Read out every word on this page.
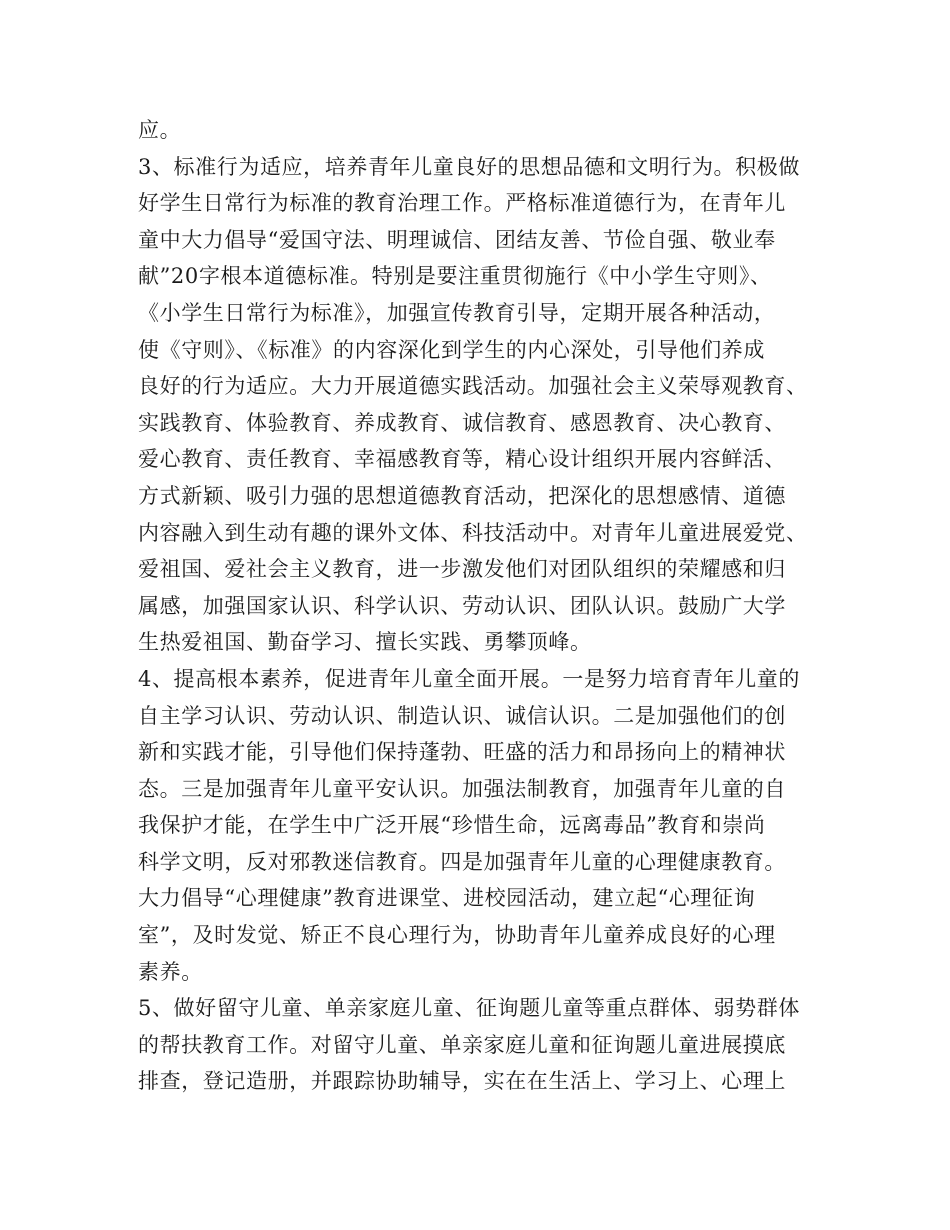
应。
3、标准行为适应，培养青年儿童良好的思想品德和文明行为。积极做
好学生日常行为标准的教育治理工作。严格标准道德行为，在青年儿
童中大力倡导“爱国守法、明理诚信、团结友善、节俭自强、敬业奉
献”20字根本道德标准。特别是要注重贯彻施行《中小学生守则》、
《小学生日常行为标准》，加强宣传教育引导，定期开展各种活动，
使《守则》、《标准》的内容深化到学生的内心深处，引导他们养成
良好的行为适应。大力开展道德实践活动。加强社会主义荣辱观教育、
实践教育、体验教育、养成教育、诚信教育、感恩教育、决心教育、
爱心教育、责任教育、幸福感教育等，精心设计组织开展内容鲜活、
方式新颖、吸引力强的思想道德教育活动，把深化的思想感情、道德
内容融入到生动有趣的课外文体、科技活动中。对青年儿童进展爱党、
爱祖国、爱社会主义教育，进一步激发他们对团队组织的荣耀感和归
属感，加强国家认识、科学认识、劳动认识、团队认识。鼓励广大学
生热爱祖国、勤奋学习、擅长实践、勇攀顶峰。
4、提高根本素养，促进青年儿童全面开展。一是努力培育青年儿童的
自主学习认识、劳动认识、制造认识、诚信认识。二是加强他们的创
新和实践才能，引导他们保持蓬勃、旺盛的活力和昂扬向上的精神状
态。三是加强青年儿童平安认识。加强法制教育，加强青年儿童的自
我保护才能，在学生中广泛开展“珍惜生命，远离毒品”教育和崇尚
科学文明，反对邪教迷信教育。四是加强青年儿童的心理健康教育。
大力倡导“心理健康”教育进课堂、进校园活动，建立起“心理征询
室”，及时发觉、矫正不良心理行为，协助青年儿童养成良好的心理
素养。
5、做好留守儿童、单亲家庭儿童、征询题儿童等重点群体、弱势群体
的帮扶教育工作。对留守儿童、单亲家庭儿童和征询题儿童进展摸底
排查，登记造册，并跟踪协助辅导，实在在生活上、学习上、心理上
